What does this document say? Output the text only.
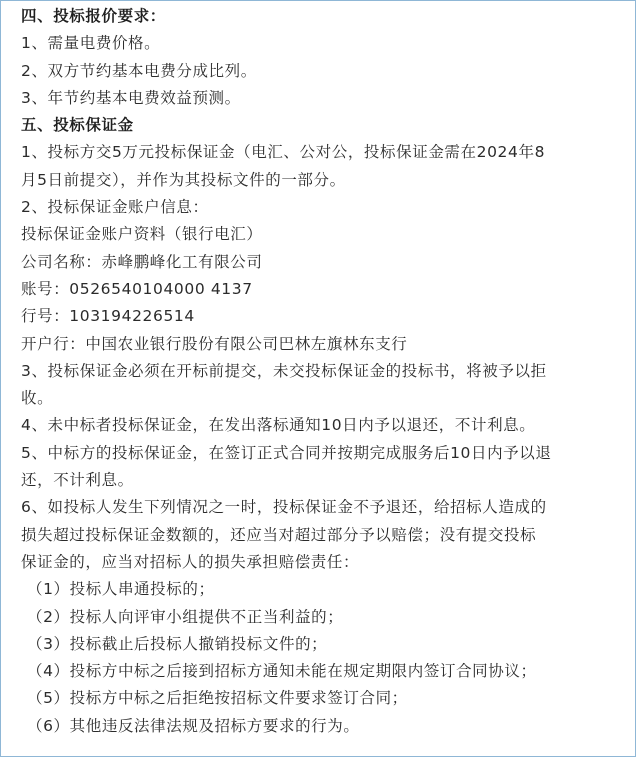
四、投标报价要求：
1、需量电费价格。
2、双方节约基本电费分成比列。
3、年节约基本电费效益预测。
五、投标保证金
1、投标方交5万元投标保证金（电汇、公对公，投标保证金需在2024年8
月5日前提交），并作为其投标文件的一部分。
2、投标保证金账户信息：
投标保证金账户资料（银行电汇）
公司名称：赤峰鹏峰化工有限公司
账号：0526540104000 4137
行号：103194226514
开户行：中国农业银行股份有限公司巴林左旗林东支行
3、投标保证金必须在开标前提交，未交投标保证金的投标书，将被予以拒
收。
4、未中标者投标保证金，在发出落标通知10日内予以退还，不计利息。
5、中标方的投标保证金，在签订正式合同并按期完成服务后10日内予以退
还，不计利息。
6、如投标人发生下列情况之一时，投标保证金不予退还，给招标人造成的
损失超过投标保证金数额的，还应当对超过部分予以赔偿；没有提交投标
保证金的，应当对招标人的损失承担赔偿责任：
（1）投标人串通投标的；
（2）投标人向评审小组提供不正当利益的；
（3）投标截止后投标人撤销投标文件的；
（4）投标方中标之后接到招标方通知未能在规定期限内签订合同协议；
（5）投标方中标之后拒绝按招标文件要求签订合同；
（6）其他违反法律法规及招标方要求的行为。
